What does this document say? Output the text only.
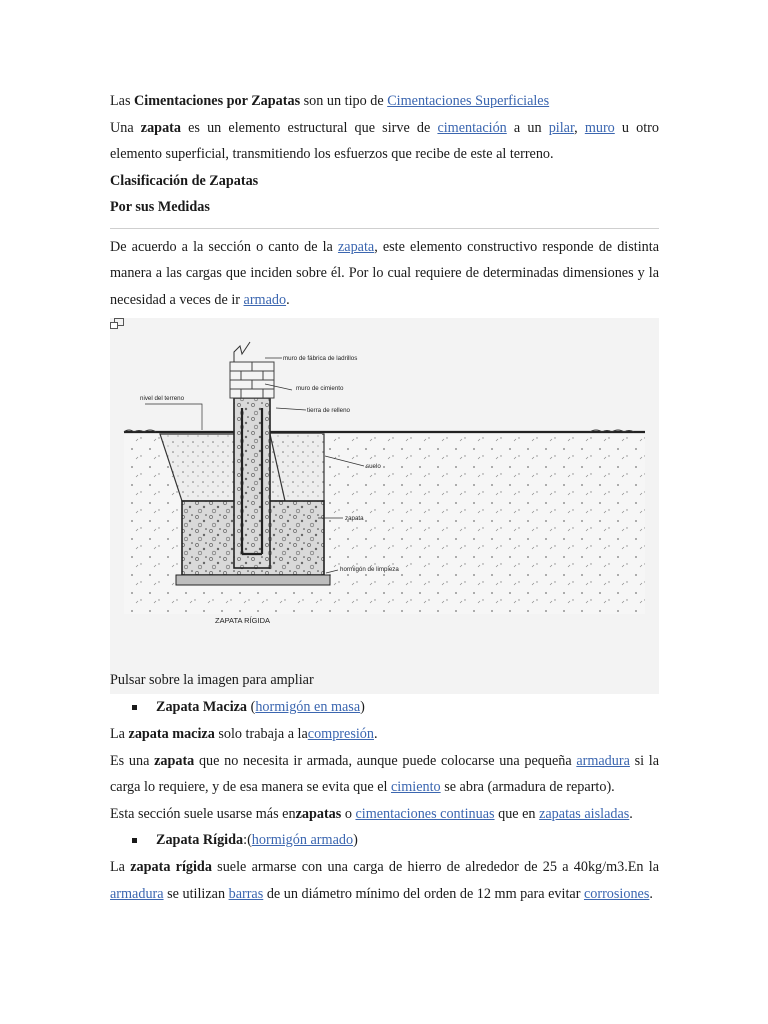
Las Cimentaciones por Zapatas son un tipo de Cimentaciones Superficiales

Una zapata es un elemento estructural que sirve de cimentación a un pilar, muro u otro elemento superficial, transmitiendo los esfuerzos que recibe de este al terreno.

Clasificación de Zapatas
Por sus Medidas

De acuerdo a la sección o canto de la zapata, este elemento constructivo responde de distinta manera a las cargas que inciden sobre él. Por lo cual requiere de determinadas dimensiones y la necesidad a veces de ir armado.

muro de fábrica de ladrillos
muro de cimiento
nivel del terreno
tierra de relleno
suelo
zapata
hormigón de limpieza
ZAPATA RÍGIDA
Pulsar sobre la imagen para ampliar
Zapata Maciza (hormigón en masa)

La zapata maciza solo trabaja a lacompresión.

Es una zapata que no necesita ir armada, aunque puede colocarse una pequeña armadura si la carga lo requiere, y de esa manera se evita que el cimiento se abra (armadura de reparto).

Esta sección suele usarse más enzapatas o cimentaciones continuas que en zapatas aisladas.

Zapata Rígida:(hormigón armado)

La zapata rígida suele armarse con una carga de hierro de alrededor de 25 a 40kg/m3.En la armadura se utilizan barras de un diámetro mínimo del orden de 12 mm para evitar corrosiones.
